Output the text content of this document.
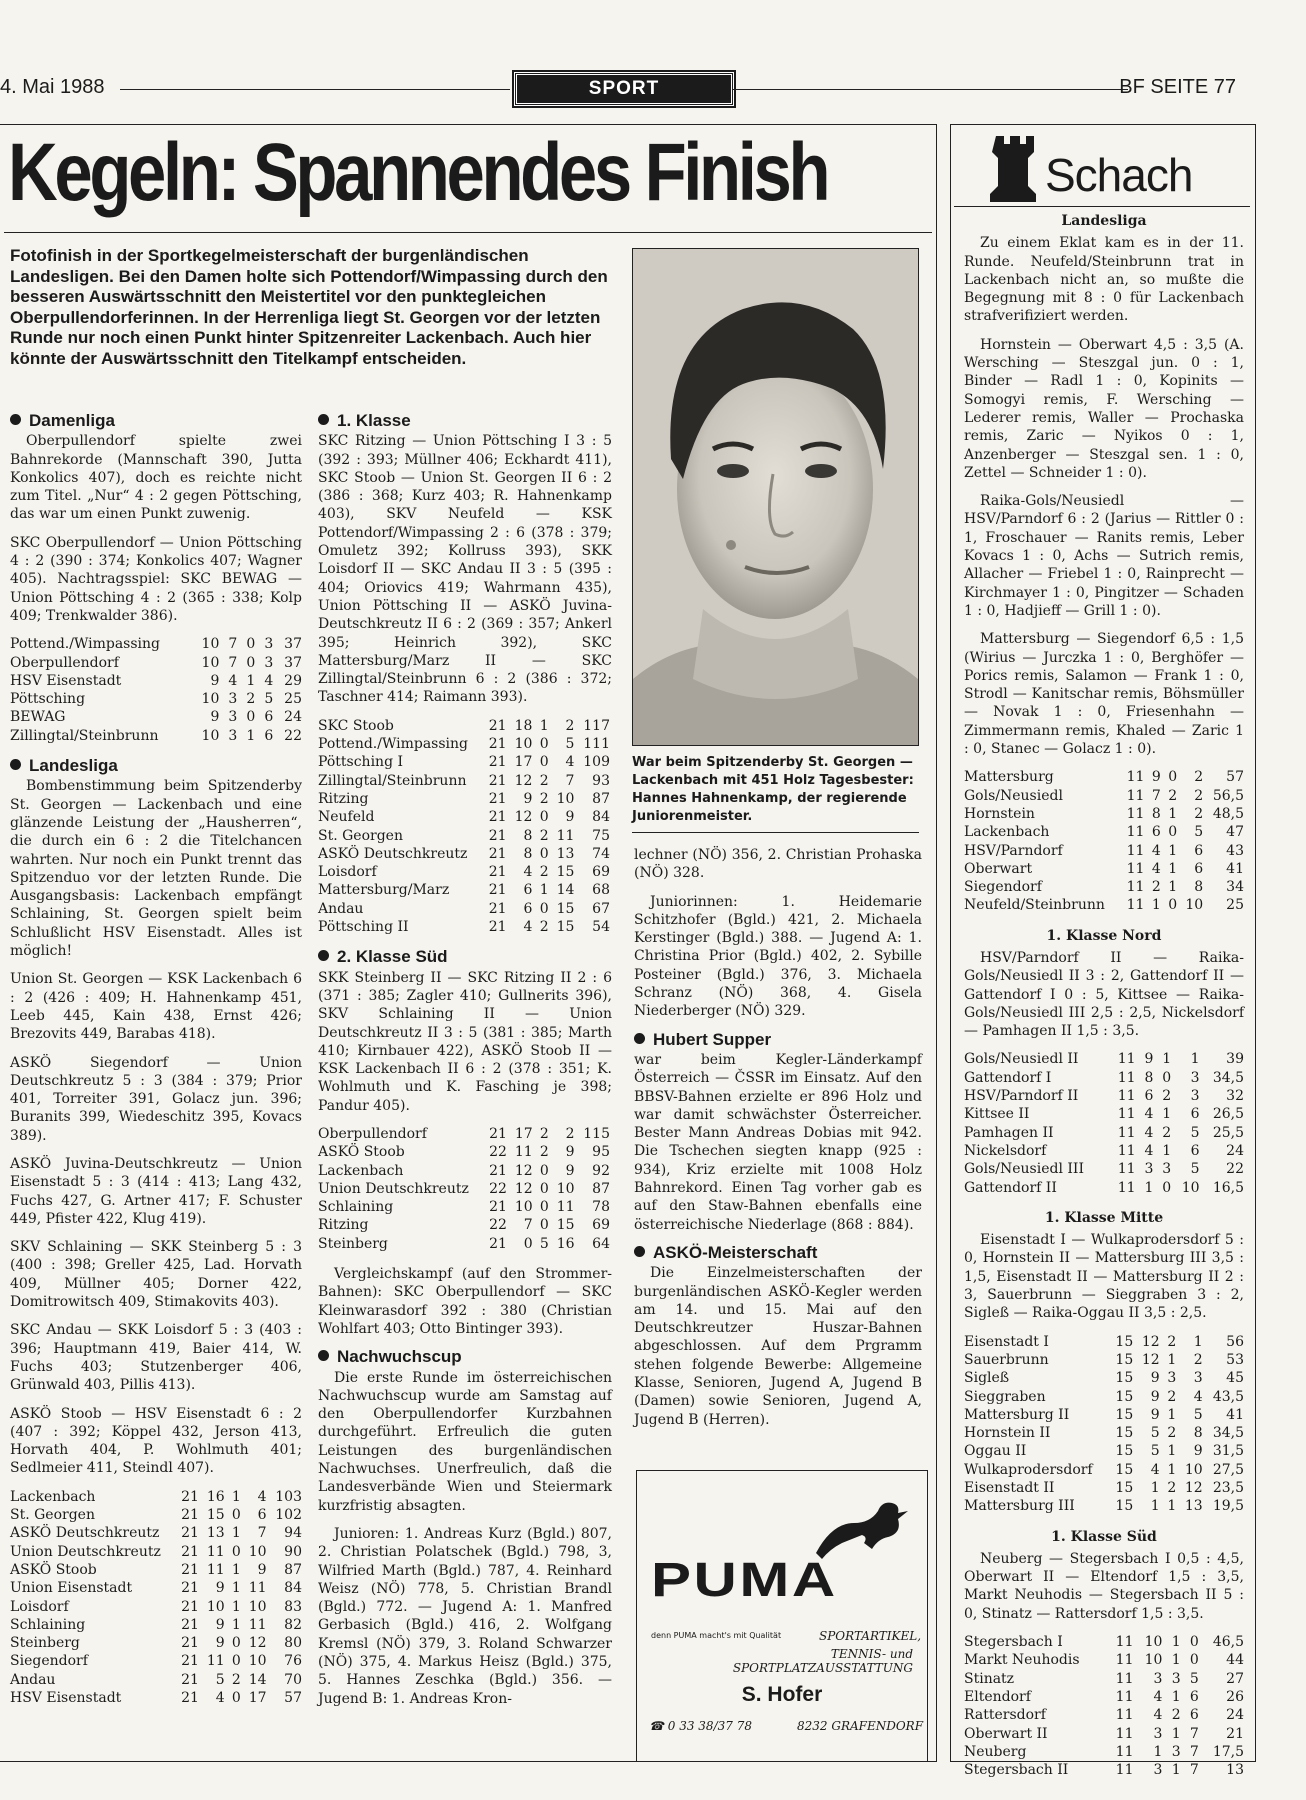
4. Mai 1988	SPORT	BF SEITE 77
Kegeln: Spannendes Finish
Fotofinish in der Sportkegelmeisterschaft der burgenländischen Landesligen. Bei den Damen holte sich Pottendorf/Wimpassing durch den besseren Auswärtsschnitt den Meistertitel vor den punktegleichen Oberpullendorferinnen. In der Herrenliga liegt St. Georgen vor der letzten Runde nur noch einen Punkt hinter Spitzenreiter Lackenbach. Auch hier könnte der Auswärtsschnitt den Titelkampf entscheiden.
Damenliga

Oberpullendorf spielte zwei Bahnrekorde (Mannschaft 390, Jutta Konkolics 407), doch es reichte nicht zum Titel. „Nur“ 4 : 2 gegen Pöttsching, das war um einen Punkt zuwenig.

SKC Oberpullendorf — Union Pöttsching 4 : 2 (390 : 374; Konkolics 407; Wagner 405). Nachtragsspiel: SKC BEWAG — Union Pöttsching 4 : 2 (365 : 338; Kolp 409; Trenkwalder 386).

Pottend./Wimpassing	10	7	0	3	37
Oberpullendorf	10	7	0	3	37
HSV Eisenstadt	9	4	1	4	29
Pöttsching	10	3	2	5	25
BEWAG	9	3	0	6	24
Zillingtal/Steinbrunn	10	3	1	6	22
Landesliga

Bombenstimmung beim Spitzenderby St. Georgen — Lackenbach und eine glänzende Leistung der „Hausherren“, die durch ein 6 : 2 die Titelchancen wahrten. Nur noch ein Punkt trennt das Spitzenduo vor der letzten Runde. Die Ausgangsbasis: Lackenbach empfängt Schlaining, St. Georgen spielt beim Schlußlicht HSV Eisenstadt. Alles ist möglich!

Union St. Georgen — KSK Lackenbach 6 : 2 (426 : 409; H. Hahnenkamp 451, Leeb 445, Kain 438, Ernst 426; Brezovits 449, Barabas 418).

ASKÖ Siegendorf — Union Deutschkreutz 5 : 3 (384 : 379; Prior 401, Torreiter 391, Golacz jun. 396; Buranits 399, Wiedeschitz 395, Kovacs 389).

ASKÖ Juvina-Deutschkreutz — Union Eisenstadt 5 : 3 (414 : 413; Lang 432, Fuchs 427, G. Artner 417; F. Schuster 449, Pfister 422, Klug 419).

SKV Schlaining — SKK Steinberg 5 : 3 (400 : 398; Greller 425, Lad. Horvath 409, Müllner 405; Dorner 422, Domitrowitsch 409, Stimakovits 403).

SKC Andau — SKK Loisdorf 5 : 3 (403 : 396; Hauptmann 419, Baier 414, W. Fuchs 403; Stutzenberger 406, Grünwald 403, Pillis 413).

ASKÖ Stoob — HSV Eisenstadt 6 : 2 (407 : 392; Köppel 432, Jerson 413, Horvath 404, P. Wohlmuth 401; Sedlmeier 411, Steindl 407).

Lackenbach	21	16	1	4	103
St. Georgen	21	15	0	6	102
ASKÖ Deutschkreutz	21	13	1	7	94
Union Deutschkreutz	21	11	0	10	90
ASKÖ Stoob	21	11	1	9	87
Union Eisenstadt	21	9	1	11	84
Loisdorf	21	10	1	10	83
Schlaining	21	9	1	11	82
Steinberg	21	9	0	12	80
Siegendorf	21	11	0	10	76
Andau	21	5	2	14	70
HSV Eisenstadt	21	4	0	17	57
1. Klasse

SKC Ritzing — Union Pöttsching I 3 : 5 (392 : 393; Müllner 406; Eckhardt 411), SKC Stoob — Union St. Georgen II 6 : 2 (386 : 368; Kurz 403; R. Hahnenkamp 403), SKV Neufeld — KSK Pottendorf/Wimpassing 2 : 6 (378 : 379; Omuletz 392; Kollruss 393), SKK Loisdorf II — SKC Andau II 3 : 5 (395 : 404; Oriovics 419; Wahrmann 435), Union Pöttsching II — ASKÖ Juvina-Deutschkreutz II 6 : 2 (369 : 357; Ankerl 395; Heinrich 392), SKC Mattersburg/Marz II — SKC Zillingtal/Steinbrunn 6 : 2 (386 : 372; Taschner 414; Raimann 393).

SKC Stoob	21	18	1	2	117
Pottend./Wimpassing	21	10	0	5	111
Pöttsching I	21	17	0	4	109
Zillingtal/Steinbrunn	21	12	2	7	93
Ritzing	21	9	2	10	87
Neufeld	21	12	0	9	84
St. Georgen	21	8	2	11	75
ASKÖ Deutschkreutz	21	8	0	13	74
Loisdorf	21	4	2	15	69
Mattersburg/Marz	21	6	1	14	68
Andau	21	6	0	15	67
Pöttsching II	21	4	2	15	54
2. Klasse Süd

SKK Steinberg II — SKC Ritzing II 2 : 6 (371 : 385; Zagler 410; Gullnerits 396), SKV Schlaining II — Union Deutschkreutz II 3 : 5 (381 : 385; Marth 410; Kirnbauer 422), ASKÖ Stoob II — KSK Lackenbach II 6 : 2 (378 : 351; K. Wohlmuth und K. Fasching je 398; Pandur 405).

Oberpullendorf	21	17	2	2	115
ASKÖ Stoob	22	11	2	9	95
Lackenbach	21	12	0	9	92
Union Deutschkreutz	22	12	0	10	87
Schlaining	21	10	0	11	78
Ritzing	22	7	0	15	69
Steinberg	21	0	5	16	64

Vergleichskampf (auf den Strommer-Bahnen): SKC Oberpullendorf — SKC Kleinwarasdorf 392 : 380 (Christian Wohlfart 403; Otto Bintinger 393).

Nachwuchscup

Die erste Runde im österreichischen Nachwuchscup wurde am Samstag auf den Oberpullendorfer Kurzbahnen durchgeführt. Erfreulich die guten Leistungen des burgenländischen Nachwuchses. Unerfreulich, daß die Landesverbände Wien und Steiermark kurzfristig absagten.

Junioren: 1. Andreas Kurz (Bgld.) 807, 2. Christian Polatschek (Bgld.) 798, 3, Wilfried Marth (Bgld.) 787, 4. Reinhard Weisz (NÖ) 778, 5. Christian Brandl (Bgld.) 772. — Jugend A: 1. Manfred Gerbasich (Bgld.) 416, 2. Wolfgang Kremsl (NÖ) 379, 3. Roland Schwarzer (NÖ) 375, 4. Markus Heisz (Bgld.) 375, 5. Hannes Zeschka (Bgld.) 356. — Jugend B: 1. Andreas Kron-

War beim Spitzenderby St. Georgen — Lackenbach mit 451 Holz Tagesbester: Hannes Hahnenkamp, der regierende Juniorenmeister.

lechner (NÖ) 356, 2. Christian Prohaska (NÖ) 328.

Juniorinnen: 1. Heidemarie Schitzhofer (Bgld.) 421, 2. Michaela Kerstinger (Bgld.) 388. — Jugend A: 1. Christina Prior (Bgld.) 402, 2. Sybille Posteiner (Bgld.) 376, 3. Michaela Schranz (NÖ) 368, 4. Gisela Niederberger (NÖ) 329.

Hubert Supper

war beim Kegler-Länderkampf Österreich — ČSSR im Einsatz. Auf den BBSV-Bahnen erzielte er 896 Holz und war damit schwächster Österreicher. Bester Mann Andreas Dobias mit 942. Die Tschechen siegten knapp (925 : 934), Kriz erzielte mit 1008 Holz Bahnrekord. Einen Tag vorher gab es auf den Staw-Bahnen ebenfalls eine österreichische Niederlage (868 : 884).

ASKÖ-Meisterschaft

Die Einzelmeisterschaften der burgenländischen ASKÖ-Kegler werden am 14. und 15. Mai auf den Deutschkreutzer Huszar-Bahnen abgeschlossen. Auf dem Prgramm stehen folgende Bewerbe: Allgemeine Klasse, Senioren, Jugend A, Jugend B (Damen) sowie Senioren, Jugend A, Jugend B (Herren).

PUMA
denn PUMA macht's mit Qualität	SPORTARTIKEL,
TENNIS- und SPORTPLATZAUSSTATTUNG
S. Hofer
☎ 0 33 38/37 78	8232 GRAFENDORF
Schach
Landesliga

Zu einem Eklat kam es in der 11. Runde. Neufeld/Steinbrunn trat in Lackenbach nicht an, so mußte die Begegnung mit 8 : 0 für Lackenbach strafverifiziert werden.

Hornstein — Oberwart 4,5 : 3,5 (A. Wersching — Steszgal jun. 0 : 1, Binder — Radl 1 : 0, Kopinits — Somogyi remis, F. Wersching — Lederer remis, Waller — Prochaska remis, Zaric — Nyikos 0 : 1, Anzenberger — Steszgal sen. 1 : 0, Zettel — Schneider 1 : 0).

Raika-Gols/Neusiedl — HSV/Parndorf 6 : 2 (Jarius — Rittler 0 : 1, Froschauer — Ranits remis, Leber Kovacs 1 : 0, Achs — Sutrich remis, Allacher — Friebel 1 : 0, Rainprecht — Kirchmayer 1 : 0, Pingitzer — Schaden 1 : 0, Hadjieff — Grill 1 : 0).

Mattersburg — Siegendorf 6,5 : 1,5 (Wirius — Jurczka 1 : 0, Berghöfer — Porics remis, Salamon — Frank 1 : 0, Strodl — Kanitschar remis, Böhsmüller — Novak 1 : 0, Friesenhahn — Zimmermann remis, Khaled — Zaric 1 : 0, Stanec — Golacz 1 : 0).

Mattersburg	11	9	0	2	57
Gols/Neusiedl	11	7	2	2	56,5
Hornstein	11	8	1	2	48,5
Lackenbach	11	6	0	5	47
HSV/Parndorf	11	4	1	6	43
Oberwart	11	4	1	6	41
Siegendorf	11	2	1	8	34
Neufeld/Steinbrunn	11	1	0	10	25
1. Klasse Nord

HSV/Parndorf II — Raika-Gols/Neusiedl II 3 : 2, Gattendorf II — Gattendorf I 0 : 5, Kittsee — Raika-Gols/Neusiedl III 2,5 : 2,5, Nickelsdorf — Pamhagen II 1,5 : 3,5.

Gols/Neusiedl II	11	9	1	1	39
Gattendorf I	11	8	0	3	34,5
HSV/Parndorf II	11	6	2	3	32
Kittsee II	11	4	1	6	26,5
Pamhagen II	11	4	2	5	25,5
Nickelsdorf	11	4	1	6	24
Gols/Neusiedl III	11	3	3	5	22
Gattendorf II	11	1	0	10	16,5
1. Klasse Mitte

Eisenstadt I — Wulkaprodersdorf 5 : 0, Hornstein II — Mattersburg III 3,5 : 1,5, Eisenstadt II — Mattersburg II 2 : 3, Sauerbrunn — Sieggraben 3 : 2, Sigleß — Raika-Oggau II 3,5 : 2,5.

Eisenstadt I	15	12	2	1	56
Sauerbrunn	15	12	1	2	53
Sigleß	15	9	3	3	45
Sieggraben	15	9	2	4	43,5
Mattersburg II	15	9	1	5	41
Hornstein II	15	5	2	8	34,5
Oggau II	15	5	1	9	31,5
Wulkaprodersdorf	15	4	1	10	27,5
Eisenstadt II	15	1	2	12	23,5
Mattersburg III	15	1	1	13	19,5
1. Klasse Süd

Neuberg — Stegersbach I 0,5 : 4,5, Oberwart II — Eltendorf 1,5 : 3,5, Markt Neuhodis — Stegersbach II 5 : 0, Stinatz — Rattersdorf 1,5 : 3,5.

Stegersbach I	11	10	1	0	46,5
Markt Neuhodis	11	10	1	0	44
Stinatz	11	3	3	5	27
Eltendorf	11	4	1	6	26
Rattersdorf	11	4	2	6	24
Oberwart II	11	3	1	7	21
Neuberg	11	1	3	7	17,5
Stegersbach II	11	3	1	7	13
